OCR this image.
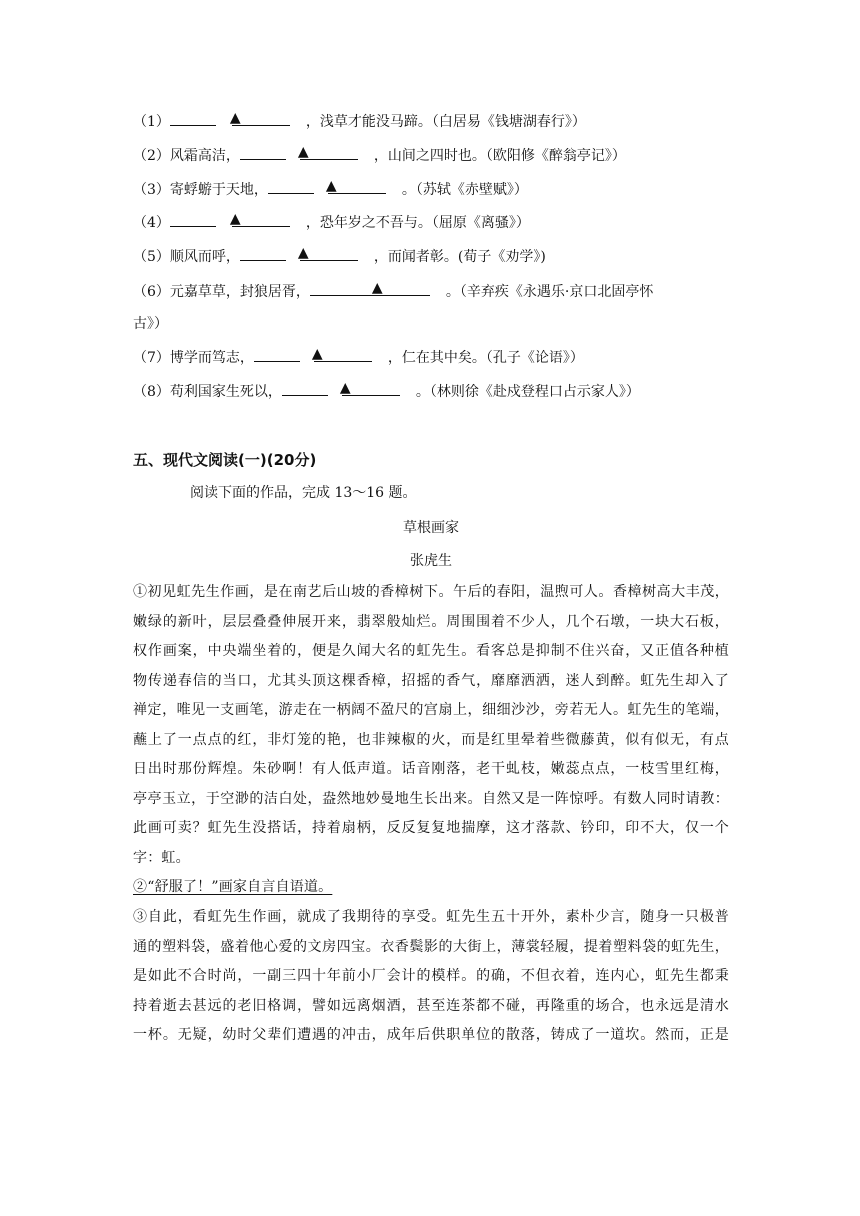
（1）	▲	，浅草才能没马蹄。（白居易《钱塘湖春行》）
（2）风霜高洁，	▲	，山间之四时也。（欧阳修《醉翁亭记》）
（3）寄蜉蝣于天地，	▲	。（苏轼《赤壁赋》）
（4）	▲	，恐年岁之不吾与。（屈原《离骚》）
（5）顺风而呼，	▲	，而闻者彰。(荀子《劝学》)
（6）元嘉草草，封狼居胥，	▲	。（辛弃疾《永遇乐·京口北固亭怀
古》）
（7）博学而笃志，	▲	，仁在其中矣。（孔子《论语》）
（8）苟利国家生死以，	▲	。（林则徐《赴戍登程口占示家人》）
五、现代文阅读(一)(20分)
阅读下面的作品，完成 13～16 题。
草根画家
张虎生
①初见虹先生作画，是在南艺后山坡的香樟树下。午后的春阳，温煦可人。香樟树高大丰茂，
嫩绿的新叶，层层叠叠伸展开来，翡翠般灿烂。周围围着不少人，几个石墩，一块大石板，
权作画案，中央端坐着的，便是久闻大名的虹先生。看客总是抑制不住兴奋，又正值各种植
物传递春信的当口，尤其头顶这棵香樟，招摇的香气，靡靡洒洒，迷人到醉。虹先生却入了
禅定，唯见一支画笔，游走在一柄阔不盈尺的宫扇上，细细沙沙，旁若无人。虹先生的笔端，
蘸上了一点点的红，非灯笼的艳，也非辣椒的火，而是红里晕着些微藤黄，似有似无，有点
日出时那份辉煌。朱砂啊！有人低声道。话音刚落，老干虬枝，嫩蕊点点，一枝雪里红梅，
亭亭玉立，于空渺的洁白处，盎然地妙曼地生长出来。自然又是一阵惊呼。有数人同时请教：
此画可卖？虹先生没搭话，持着扇柄，反反复复地揣摩，这才落款、钤印，印不大，仅一个
字：虹。
②“舒服了！”画家自言自语道。
③自此，看虹先生作画，就成了我期待的享受。虹先生五十开外，素朴少言，随身一只极普
通的塑料袋，盛着他心爱的文房四宝。衣香鬓影的大街上，薄裳轻履，提着塑料袋的虹先生，
是如此不合时尚，一副三四十年前小厂会计的模样。的确，不但衣着，连内心，虹先生都秉
持着逝去甚远的老旧格调，譬如远离烟酒，甚至连茶都不碰，再隆重的场合，也永远是清水
一杯。无疑，幼时父辈们遭遇的冲击，成年后供职单位的散落，铸成了一道坎。然而，正是
